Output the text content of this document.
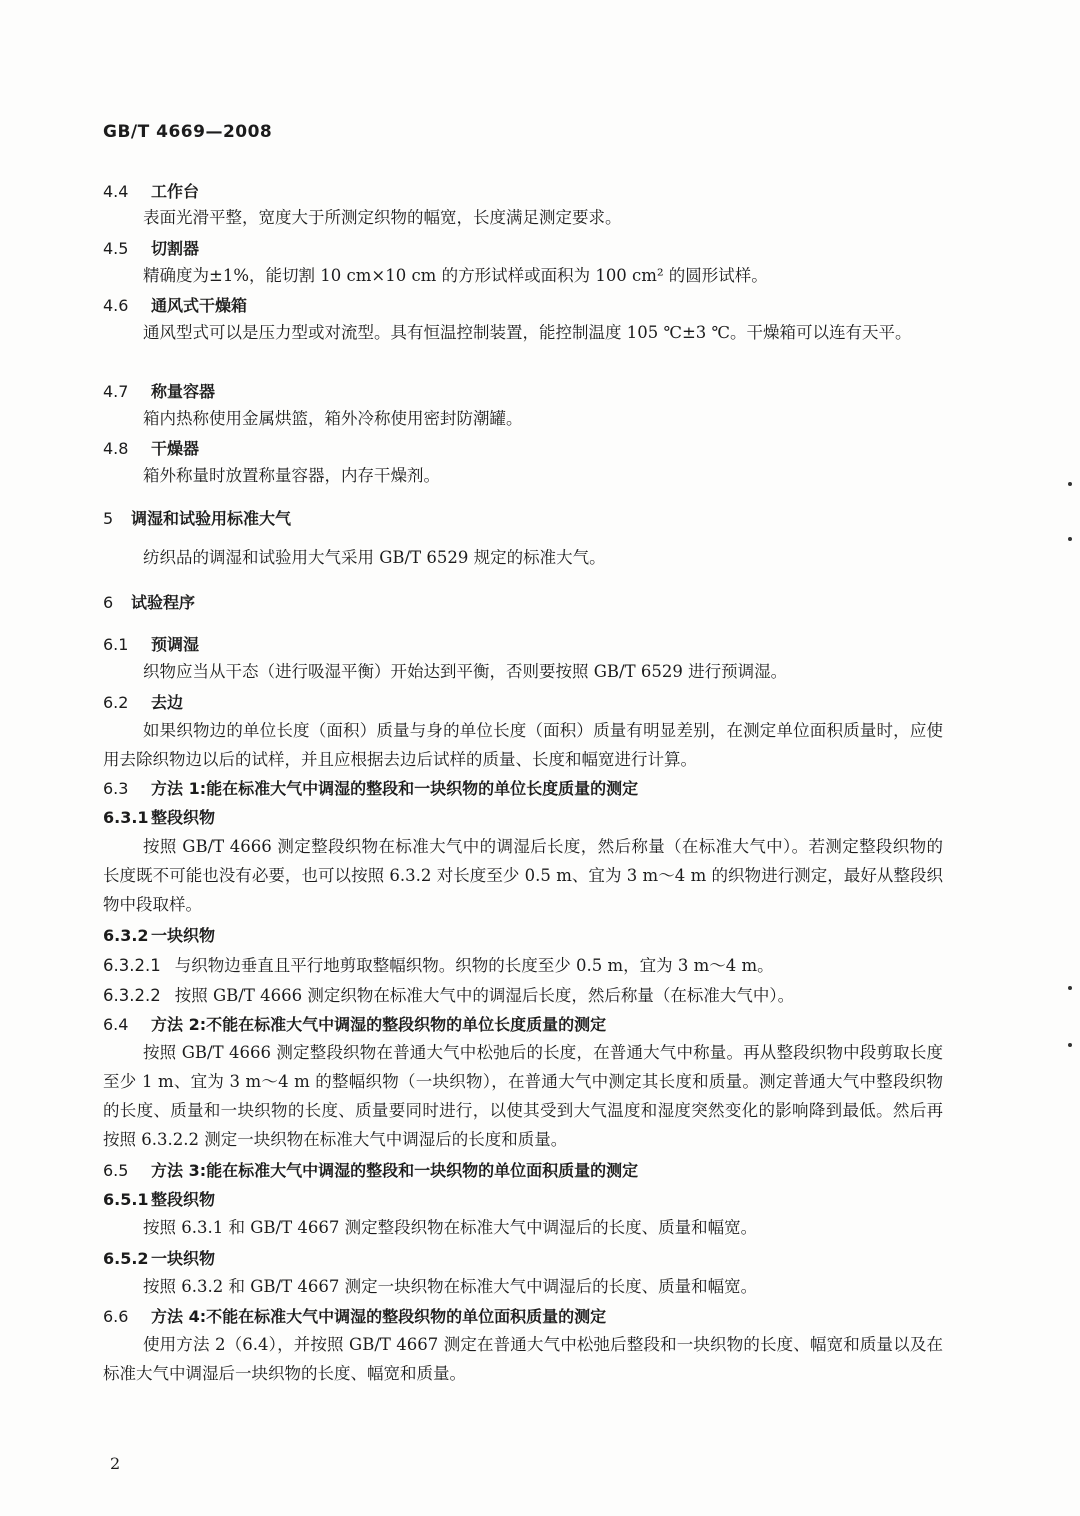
GB/T 4669—2008
4.4 工作台
表面光滑平整，宽度大于所测定织物的幅宽，长度满足测定要求。
4.5 切割器
精确度为±1%，能切割 10 cm×10 cm 的方形试样或面积为 100 cm² 的圆形试样。
4.6 通风式干燥箱
通风型式可以是压力型或对流型。具有恒温控制装置，能控制温度 105 ℃±3 ℃。干燥箱可以连有天平。
4.7 称量容器
箱内热称使用金属烘篮，箱外冷称使用密封防潮罐。
4.8 干燥器
箱外称量时放置称量容器，内存干燥剂。
5 调湿和试验用标准大气
纺织品的调湿和试验用大气采用 GB/T 6529 规定的标准大气。
6 试验程序
6.1 预调湿
织物应当从干态（进行吸湿平衡）开始达到平衡，否则要按照 GB/T 6529 进行预调湿。
6.2 去边
如果织物边的单位长度（面积）质量与身的单位长度（面积）质量有明显差别，在测定单位面积质量时，应使用去除织物边以后的试样，并且应根据去边后试样的质量、长度和幅宽进行计算。
6.3 方法 1:能在标准大气中调湿的整段和一块织物的单位长度质量的测定
6.3.1 整段织物
按照 GB/T 4666 测定整段织物在标准大气中的调湿后长度，然后称量（在标准大气中）。若测定整段织物的长度既不可能也没有必要，也可以按照 6.3.2 对长度至少 0.5 m、宜为 3 m～4 m 的织物进行测定，最好从整段织物中段取样。
6.3.2 一块织物
6.3.2.1 与织物边垂直且平行地剪取整幅织物。织物的长度至少 0.5 m，宜为 3 m～4 m。
6.3.2.2 按照 GB/T 4666 测定织物在标准大气中的调湿后长度，然后称量（在标准大气中）。
6.4 方法 2:不能在标准大气中调湿的整段织物的单位长度质量的测定
按照 GB/T 4666 测定整段织物在普通大气中松弛后的长度，在普通大气中称量。再从整段织物中段剪取长度至少 1 m、宜为 3 m～4 m 的整幅织物（一块织物），在普通大气中测定其长度和质量。测定普通大气中整段织物的长度、质量和一块织物的长度、质量要同时进行，以使其受到大气温度和湿度突然变化的影响降到最低。然后再按照 6.3.2.2 测定一块织物在标准大气中调湿后的长度和质量。
6.5 方法 3:能在标准大气中调湿的整段和一块织物的单位面积质量的测定
6.5.1 整段织物
按照 6.3.1 和 GB/T 4667 测定整段织物在标准大气中调湿后的长度、质量和幅宽。
6.5.2 一块织物
按照 6.3.2 和 GB/T 4667 测定一块织物在标准大气中调湿后的长度、质量和幅宽。
6.6 方法 4:不能在标准大气中调湿的整段织物的单位面积质量的测定
使用方法 2（6.4），并按照 GB/T 4667 测定在普通大气中松弛后整段和一块织物的长度、幅宽和质量以及在标准大气中调湿后一块织物的长度、幅宽和质量。
2
